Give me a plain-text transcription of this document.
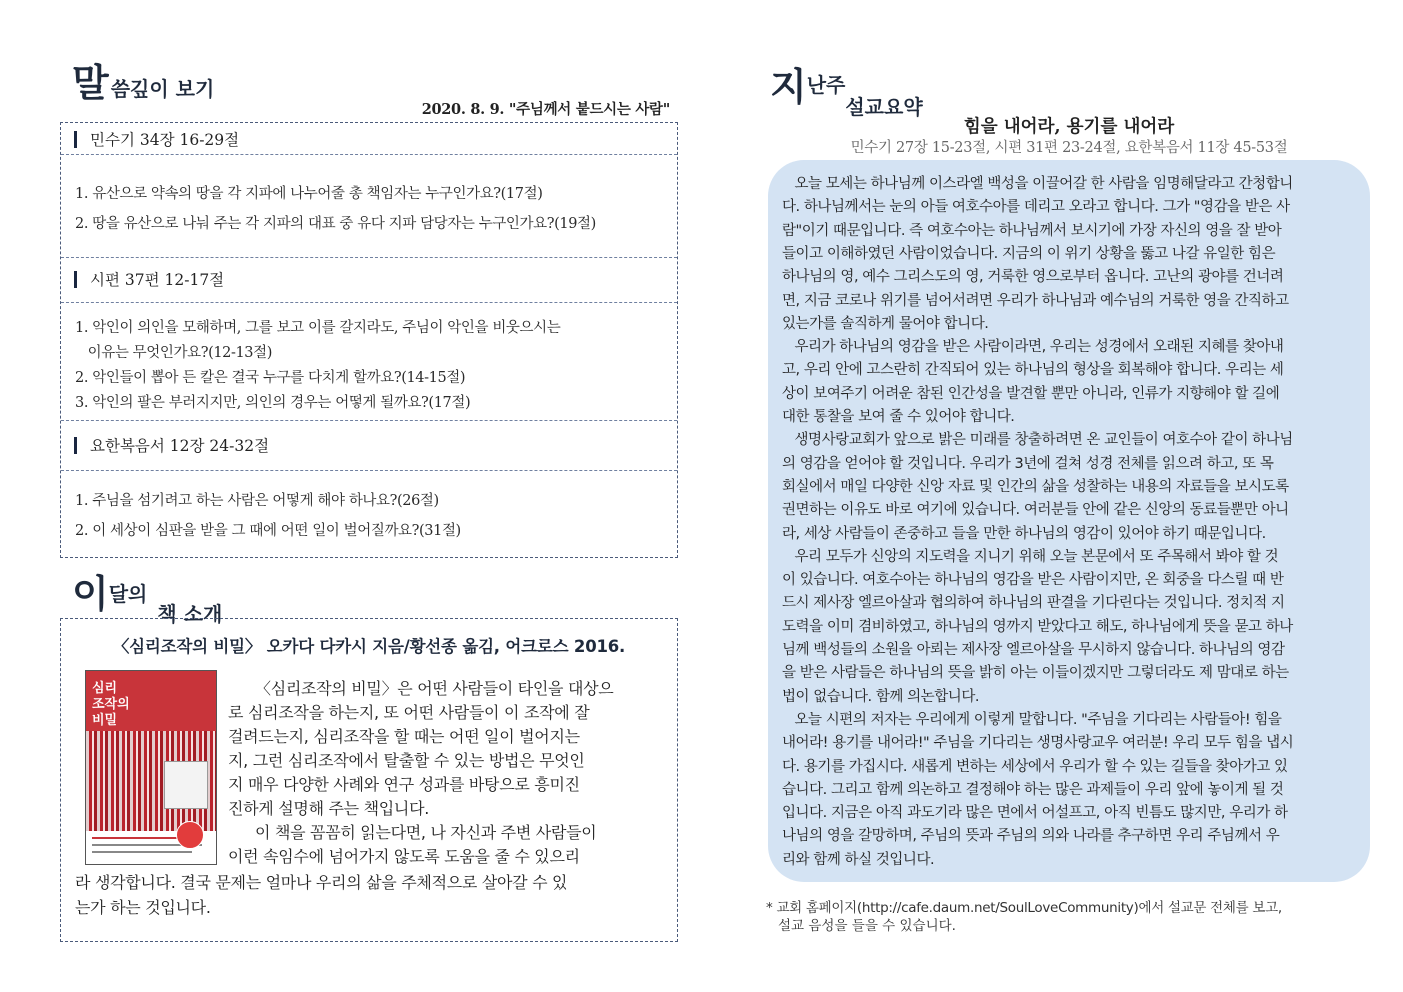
말씀깊이 보기
2020. 8. 9. "주님께서 붙드시는 사람"
민수기 34장 16-29절
1. 유산으로 약속의 땅을 각 지파에 나누어줄 총 책임자는 누구인가요?(17절)
2. 땅을 유산으로 나눠 주는 각 지파의 대표 중 유다 지파 담당자는 누구인가요?(19절)
시편 37편 12-17절
1. 악인이 의인을 모해하며, 그를 보고 이를 갈지라도, 주님이 악인을 비웃으시는
이유는 무엇인가요?(12-13절)
2. 악인들이 뽑아 든 칼은 결국 누구를 다치게 할까요?(14-15절)
3. 악인의 팔은 부러지지만, 의인의 경우는 어떻게 될까요?(17절)
요한복음서 12장 24-32절
1. 주님을 섬기려고 하는 사람은 어떻게 해야 하나요?(26절)
2. 이 세상이 심판을 받을 그 때에 어떤 일이 벌어질까요?(31절)
이달의책 소개
〈심리조작의 비밀〉 오카다 다카시 지음/황선종 옮김, 어크로스 2016.
심리
조작의
비밀
〈심리조작의 비밀〉은 어떤 사람들이 타인을 대상으
로 심리조작을 하는지, 또 어떤 사람들이 이 조작에 잘
걸려드는지, 심리조작을 할 때는 어떤 일이 벌어지는
지, 그런 심리조작에서 탈출할 수 있는 방법은 무엇인
지 매우 다양한 사례와 연구 성과를 바탕으로 흥미진
진하게 설명해 주는 책입니다.
이 책을 꼼꼼히 읽는다면, 나 자신과 주변 사람들이
이런 속임수에 넘어가지 않도록 도움을 줄 수 있으리
라 생각합니다. 결국 문제는 얼마나 우리의 삶을 주체적으로 살아갈 수 있
는가 하는 것입니다.
지난주설교요약
힘을 내어라, 용기를 내어라
민수기 27장 15-23절, 시편 31편 23-24절, 요한복음서 11장 45-53절
오늘 모세는 하나님께 이스라엘 백성을 이끌어갈 한 사람을 임명해달라고 간청합니
다. 하나님께서는 눈의 아들 여호수아를 데리고 오라고 합니다. 그가 "영감을 받은 사
람"이기 때문입니다. 즉 여호수아는 하나님께서 보시기에 가장 자신의 영을 잘 받아
들이고 이해하였던 사람이었습니다. 지금의 이 위기 상황을 뚫고 나갈 유일한 힘은
하나님의 영, 예수 그리스도의 영, 거룩한 영으로부터 옵니다. 고난의 광야를 건너려
면, 지금 코로나 위기를 넘어서려면 우리가 하나님과 예수님의 거룩한 영을 간직하고
있는가를 솔직하게 물어야 합니다.
우리가 하나님의 영감을 받은 사람이라면, 우리는 성경에서 오래된 지혜를 찾아내
고, 우리 안에 고스란히 간직되어 있는 하나님의 형상을 회복해야 합니다. 우리는 세
상이 보여주기 어려운 참된 인간성을 발견할 뿐만 아니라, 인류가 지향해야 할 길에
대한 통찰을 보여 줄 수 있어야 합니다.
생명사랑교회가 앞으로 밝은 미래를 창출하려면 온 교인들이 여호수아 같이 하나님
의 영감을 얻어야 할 것입니다. 우리가 3년에 걸쳐 성경 전체를 읽으려 하고, 또 목
회실에서 매일 다양한 신앙 자료 및 인간의 삶을 성찰하는 내용의 자료들을 보시도록
권면하는 이유도 바로 여기에 있습니다. 여러분들 안에 같은 신앙의 동료들뿐만 아니
라, 세상 사람들이 존중하고 들을 만한 하나님의 영감이 있어야 하기 때문입니다.
우리 모두가 신앙의 지도력을 지니기 위해 오늘 본문에서 또 주목해서 봐야 할 것
이 있습니다. 여호수아는 하나님의 영감을 받은 사람이지만, 온 회중을 다스릴 때 반
드시 제사장 엘르아살과 협의하여 하나님의 판결을 기다린다는 것입니다. 정치적 지
도력을 이미 겸비하였고, 하나님의 영까지 받았다고 해도, 하나님에게 뜻을 묻고 하나
님께 백성들의 소원을 아뢰는 제사장 엘르아살을 무시하지 않습니다. 하나님의 영감
을 받은 사람들은 하나님의 뜻을 밝히 아는 이들이겠지만 그렇더라도 제 맘대로 하는
법이 없습니다. 함께 의논합니다.
오늘 시편의 저자는 우리에게 이렇게 말합니다. "주님을 기다리는 사람들아! 힘을
내어라! 용기를 내어라!" 주님을 기다리는 생명사랑교우 여러분! 우리 모두 힘을 냅시
다. 용기를 가집시다. 새롭게 변하는 세상에서 우리가 할 수 있는 길들을 찾아가고 있
습니다. 그리고 함께 의논하고 결정해야 하는 많은 과제들이 우리 앞에 놓이게 될 것
입니다. 지금은 아직 과도기라 많은 면에서 어설프고, 아직 빈틈도 많지만, 우리가 하
나님의 영을 갈망하며, 주님의 뜻과 주님의 의와 나라를 추구하면 우리 주님께서 우
리와 함께 하실 것입니다.
* 교회 홈페이지(http://cafe.daum.net/SoulLoveCommunity)에서 설교문 전체를 보고,
설교 음성을 들을 수 있습니다.
